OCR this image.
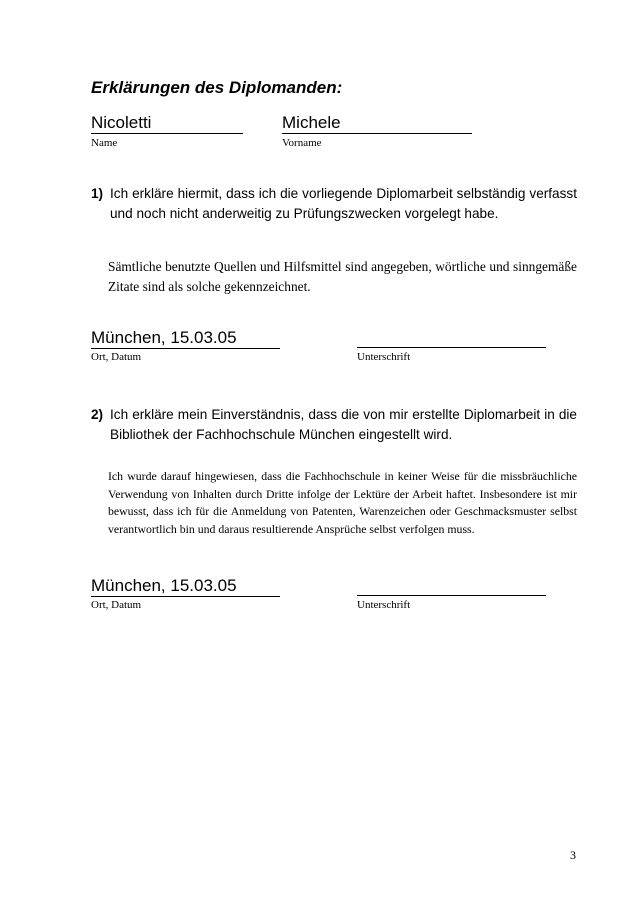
Erklärungen des Diplomanden:
Nicoletti
Name
Michele
Vorname
1) Ich erkläre hiermit, dass ich die vorliegende Diplomarbeit selbständig verfasst und noch nicht anderweitig zu Prüfungszwecken vorgelegt habe.
Sämtliche benutzte Quellen und Hilfsmittel sind angegeben, wörtliche und sinngemäße Zitate sind als solche gekennzeichnet.
München, 15.03.05
Ort, Datum	Unterschrift
2) Ich erkläre mein Einverständnis, dass die von mir erstellte Diplomarbeit in die Bibliothek der Fachhochschule München eingestellt wird.
Ich wurde darauf hingewiesen, dass die Fachhochschule in keiner Weise für die missbräuchliche Verwendung von Inhalten durch Dritte infolge der Lektüre der Arbeit haftet. Insbesondere ist mir bewusst, dass ich für die Anmeldung von Patenten, Warenzeichen oder Geschmacksmuster selbst verantwortlich bin und daraus resultierende Ansprüche selbst verfolgen muss.
München, 15.03.05
Ort, Datum	Unterschrift
3
